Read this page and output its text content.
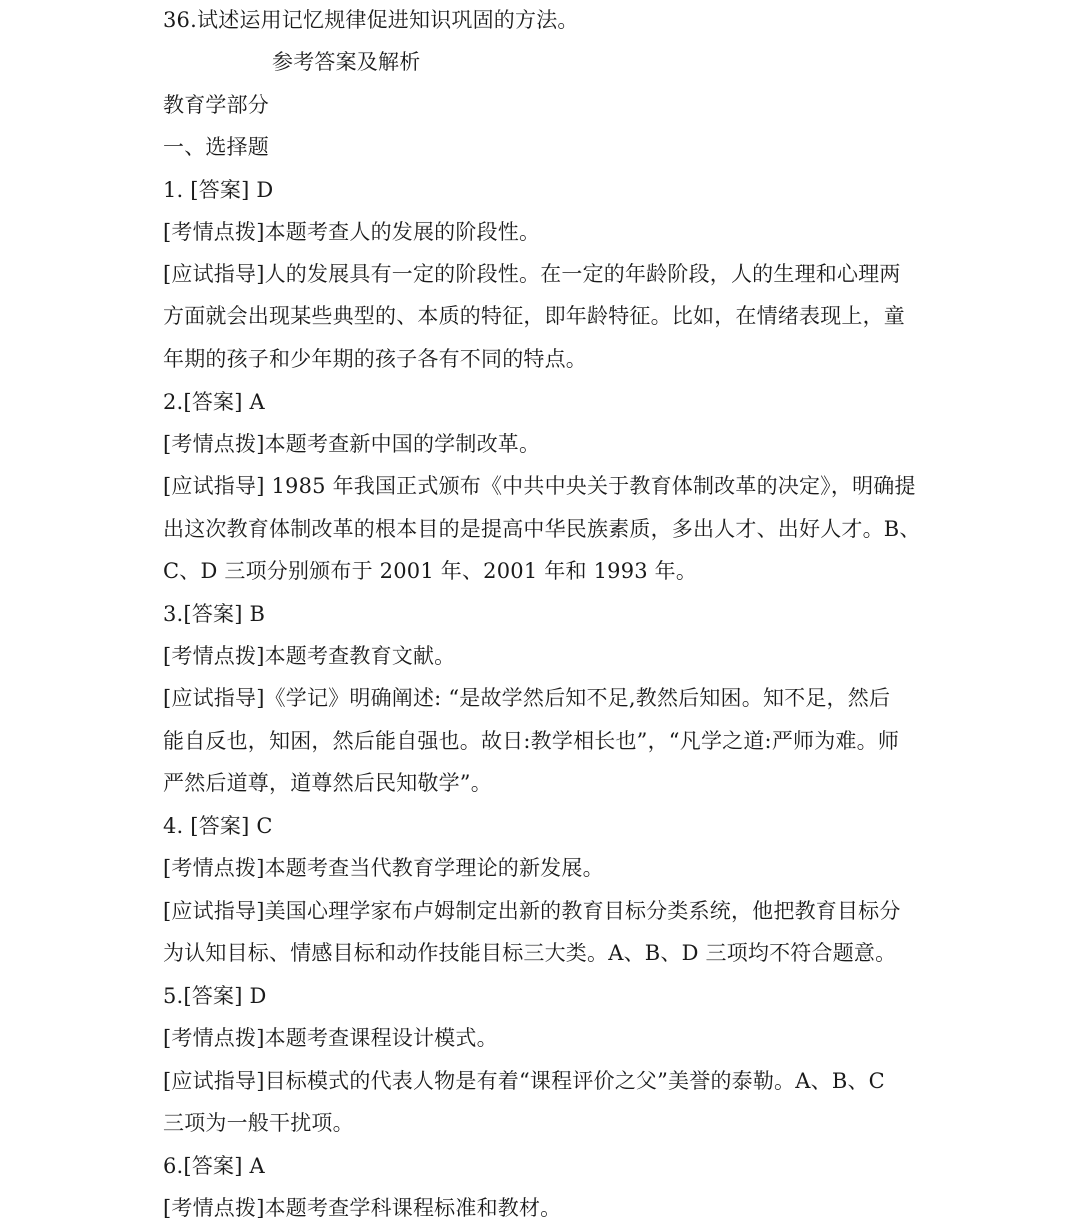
36.试述运用记忆规律促进知识巩固的方法。
参考答案及解析
教育学部分
一、选择题
1. [答案] D
[考情点拨]本题考查人的发展的阶段性。
[应试指导]人的发展具有一定的阶段性。在一定的年龄阶段，人的生理和心理两
方面就会出现某些典型的、本质的特征，即年龄特征。比如，在情绪表现上，童
年期的孩子和少年期的孩子各有不同的特点。
2.[答案] A
[考情点拨]本题考查新中国的学制改革。
[应试指导] 1985 年我国正式颁布《中共中央关于教育体制改革的决定》，明确提
出这次教育体制改革的根本目的是提高中华民族素质，多出人才、出好人才。B、
C、D 三项分别颁布于 2001 年、2001 年和 1993 年。
3.[答案] B
[考情点拨]本题考查教育文献。
[应试指导]《学记》明确阐述: “是故学然后知不足,教然后知困。知不足，然后
能自反也，知困，然后能自强也。故日:教学相长也”，“凡学之道:严师为难。师
严然后道尊，道尊然后民知敬学”。
4. [答案] C
[考情点拨]本题考查当代教育学理论的新发展。
[应试指导]美国心理学家布卢姆制定出新的教育目标分类系统，他把教育目标分
为认知目标、情感目标和动作技能目标三大类。A、B、D 三项均不符合题意。
5.[答案] D
[考情点拨]本题考查课程设计模式。
[应试指导]目标模式的代表人物是有着“课程评价之父”美誉的泰勒。A、B、C
三项为一般干扰项。
6.[答案] A
[考情点拨]本题考查学科课程标准和教材。
